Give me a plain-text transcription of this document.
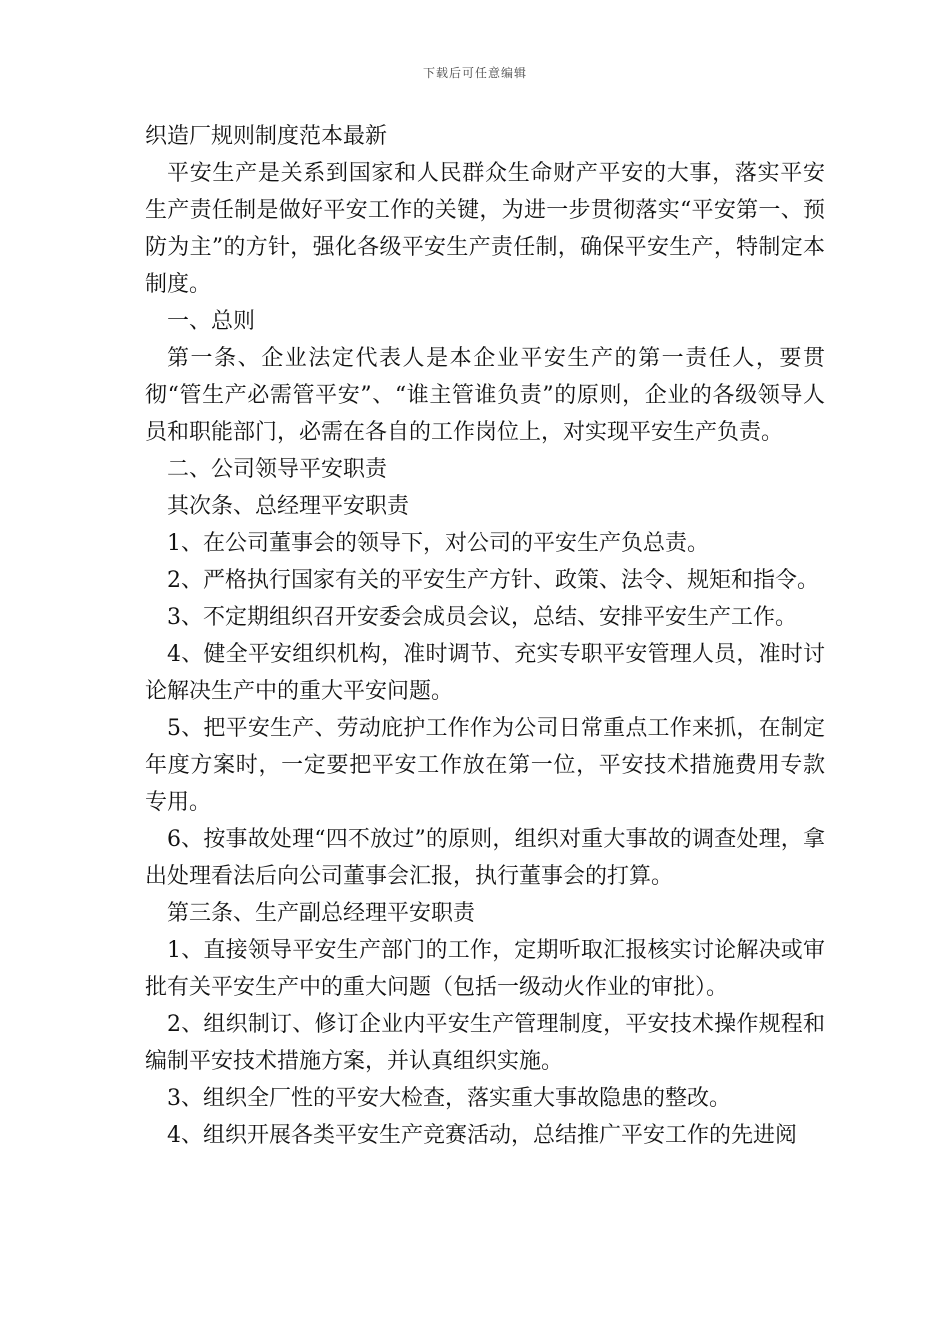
下载后可任意编辑

织造厂规则制度范本最新

平安生产是关系到国家和人民群众生命财产平安的大事，落实平安生产责任制是做好平安工作的关键，为进一步贯彻落实“平安第一、预防为主”的方针，强化各级平安生产责任制，确保平安生产，特制定本制度。

一、总则

第一条、企业法定代表人是本企业平安生产的第一责任人，要贯彻“管生产必需管平安”、“谁主管谁负责”的原则，企业的各级领导人员和职能部门，必需在各自的工作岗位上，对实现平安生产负责。

二、公司领导平安职责

其次条、总经理平安职责

1、在公司董事会的领导下，对公司的平安生产负总责。

2、严格执行国家有关的平安生产方针、政策、法令、规矩和指令。

3、不定期组织召开安委会成员会议，总结、安排平安生产工作。

4、健全平安组织机构，准时调节、充实专职平安管理人员，准时讨论解决生产中的重大平安问题。

5、把平安生产、劳动庇护工作作为公司日常重点工作来抓，在制定年度方案时，一定要把平安工作放在第一位，平安技术措施费用专款专用。

6、按事故处理“四不放过”的原则，组织对重大事故的调查处理，拿出处理看法后向公司董事会汇报，执行董事会的打算。

第三条、生产副总经理平安职责

1、直接领导平安生产部门的工作，定期听取汇报核实讨论解决或审批有关平安生产中的重大问题（包括一级动火作业的审批）。

2、组织制订、修订企业内平安生产管理制度，平安技术操作规程和编制平安技术措施方案，并认真组织实施。

3、组织全厂性的平安大检查，落实重大事故隐患的整改。

4、组织开展各类平安生产竞赛活动，总结推广平安工作的先进阅
